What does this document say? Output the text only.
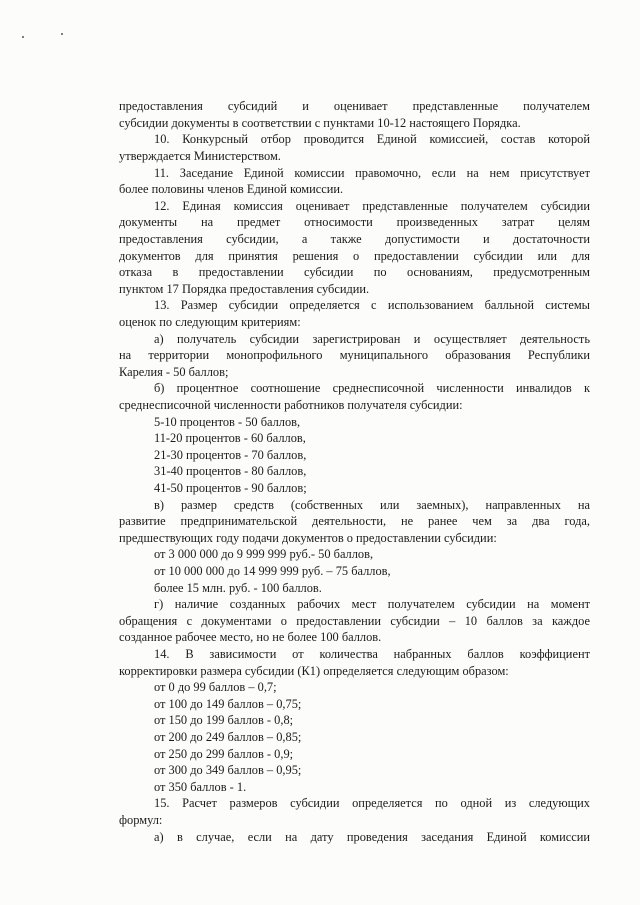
предоставления субсидий и оценивает представленные получателем
субсидии документы в соответствии с пунктами 10-12 настоящего Порядка.
10. Конкурсный отбор проводится Единой комиссией, состав которой
утверждается Министерством.
11. Заседание Единой комиссии правомочно, если на нем присутствует
более половины членов Единой комиссии.
12. Единая комиссия оценивает представленные получателем субсидии
документы на предмет относимости произведенных затрат целям
предоставления субсидии, а также допустимости и достаточности
документов для принятия решения о предоставлении субсидии или для
отказа в предоставлении субсидии по основаниям, предусмотренным
пунктом 17 Порядка предоставления субсидии.
13. Размер субсидии определяется с использованием балльной системы
оценок по следующим критериям:
а) получатель субсидии зарегистрирован и осуществляет деятельность
на территории монопрофильного муниципального образования Республики
Карелия - 50 баллов;
б) процентное соотношение среднесписочной численности инвалидов к
среднесписочной численности работников получателя субсидии:
5-10 процентов - 50 баллов,
11-20 процентов - 60 баллов,
21-30 процентов - 70 баллов,
31-40 процентов - 80 баллов,
41-50 процентов - 90 баллов;
в) размер средств (собственных или заемных), направленных на
развитие предпринимательской деятельности, не ранее чем за два года,
предшествующих году подачи документов о предоставлении субсидии:
от 3 000 000 до 9 999 999 руб.- 50 баллов,
от 10 000 000 до 14 999 999 руб. – 75 баллов,
более 15 млн. руб. - 100 баллов.
г) наличие созданных рабочих мест получателем субсидии на момент
обращения с документами о предоставлении субсидии – 10 баллов за каждое
созданное рабочее место, но не более 100 баллов.
14. В зависимости от количества набранных баллов коэффициент
корректировки размера субсидии (К1) определяется следующим образом:
от 0 до 99 баллов – 0,7;
от 100 до 149 баллов – 0,75;
от 150 до 199 баллов - 0,8;
от 200 до 249 баллов – 0,85;
от 250 до 299 баллов - 0,9;
от 300 до 349 баллов – 0,95;
от 350 баллов - 1.
15. Расчет размеров субсидии определяется по одной из следующих
формул:
а) в случае, если на дату проведения заседания Единой комиссии
